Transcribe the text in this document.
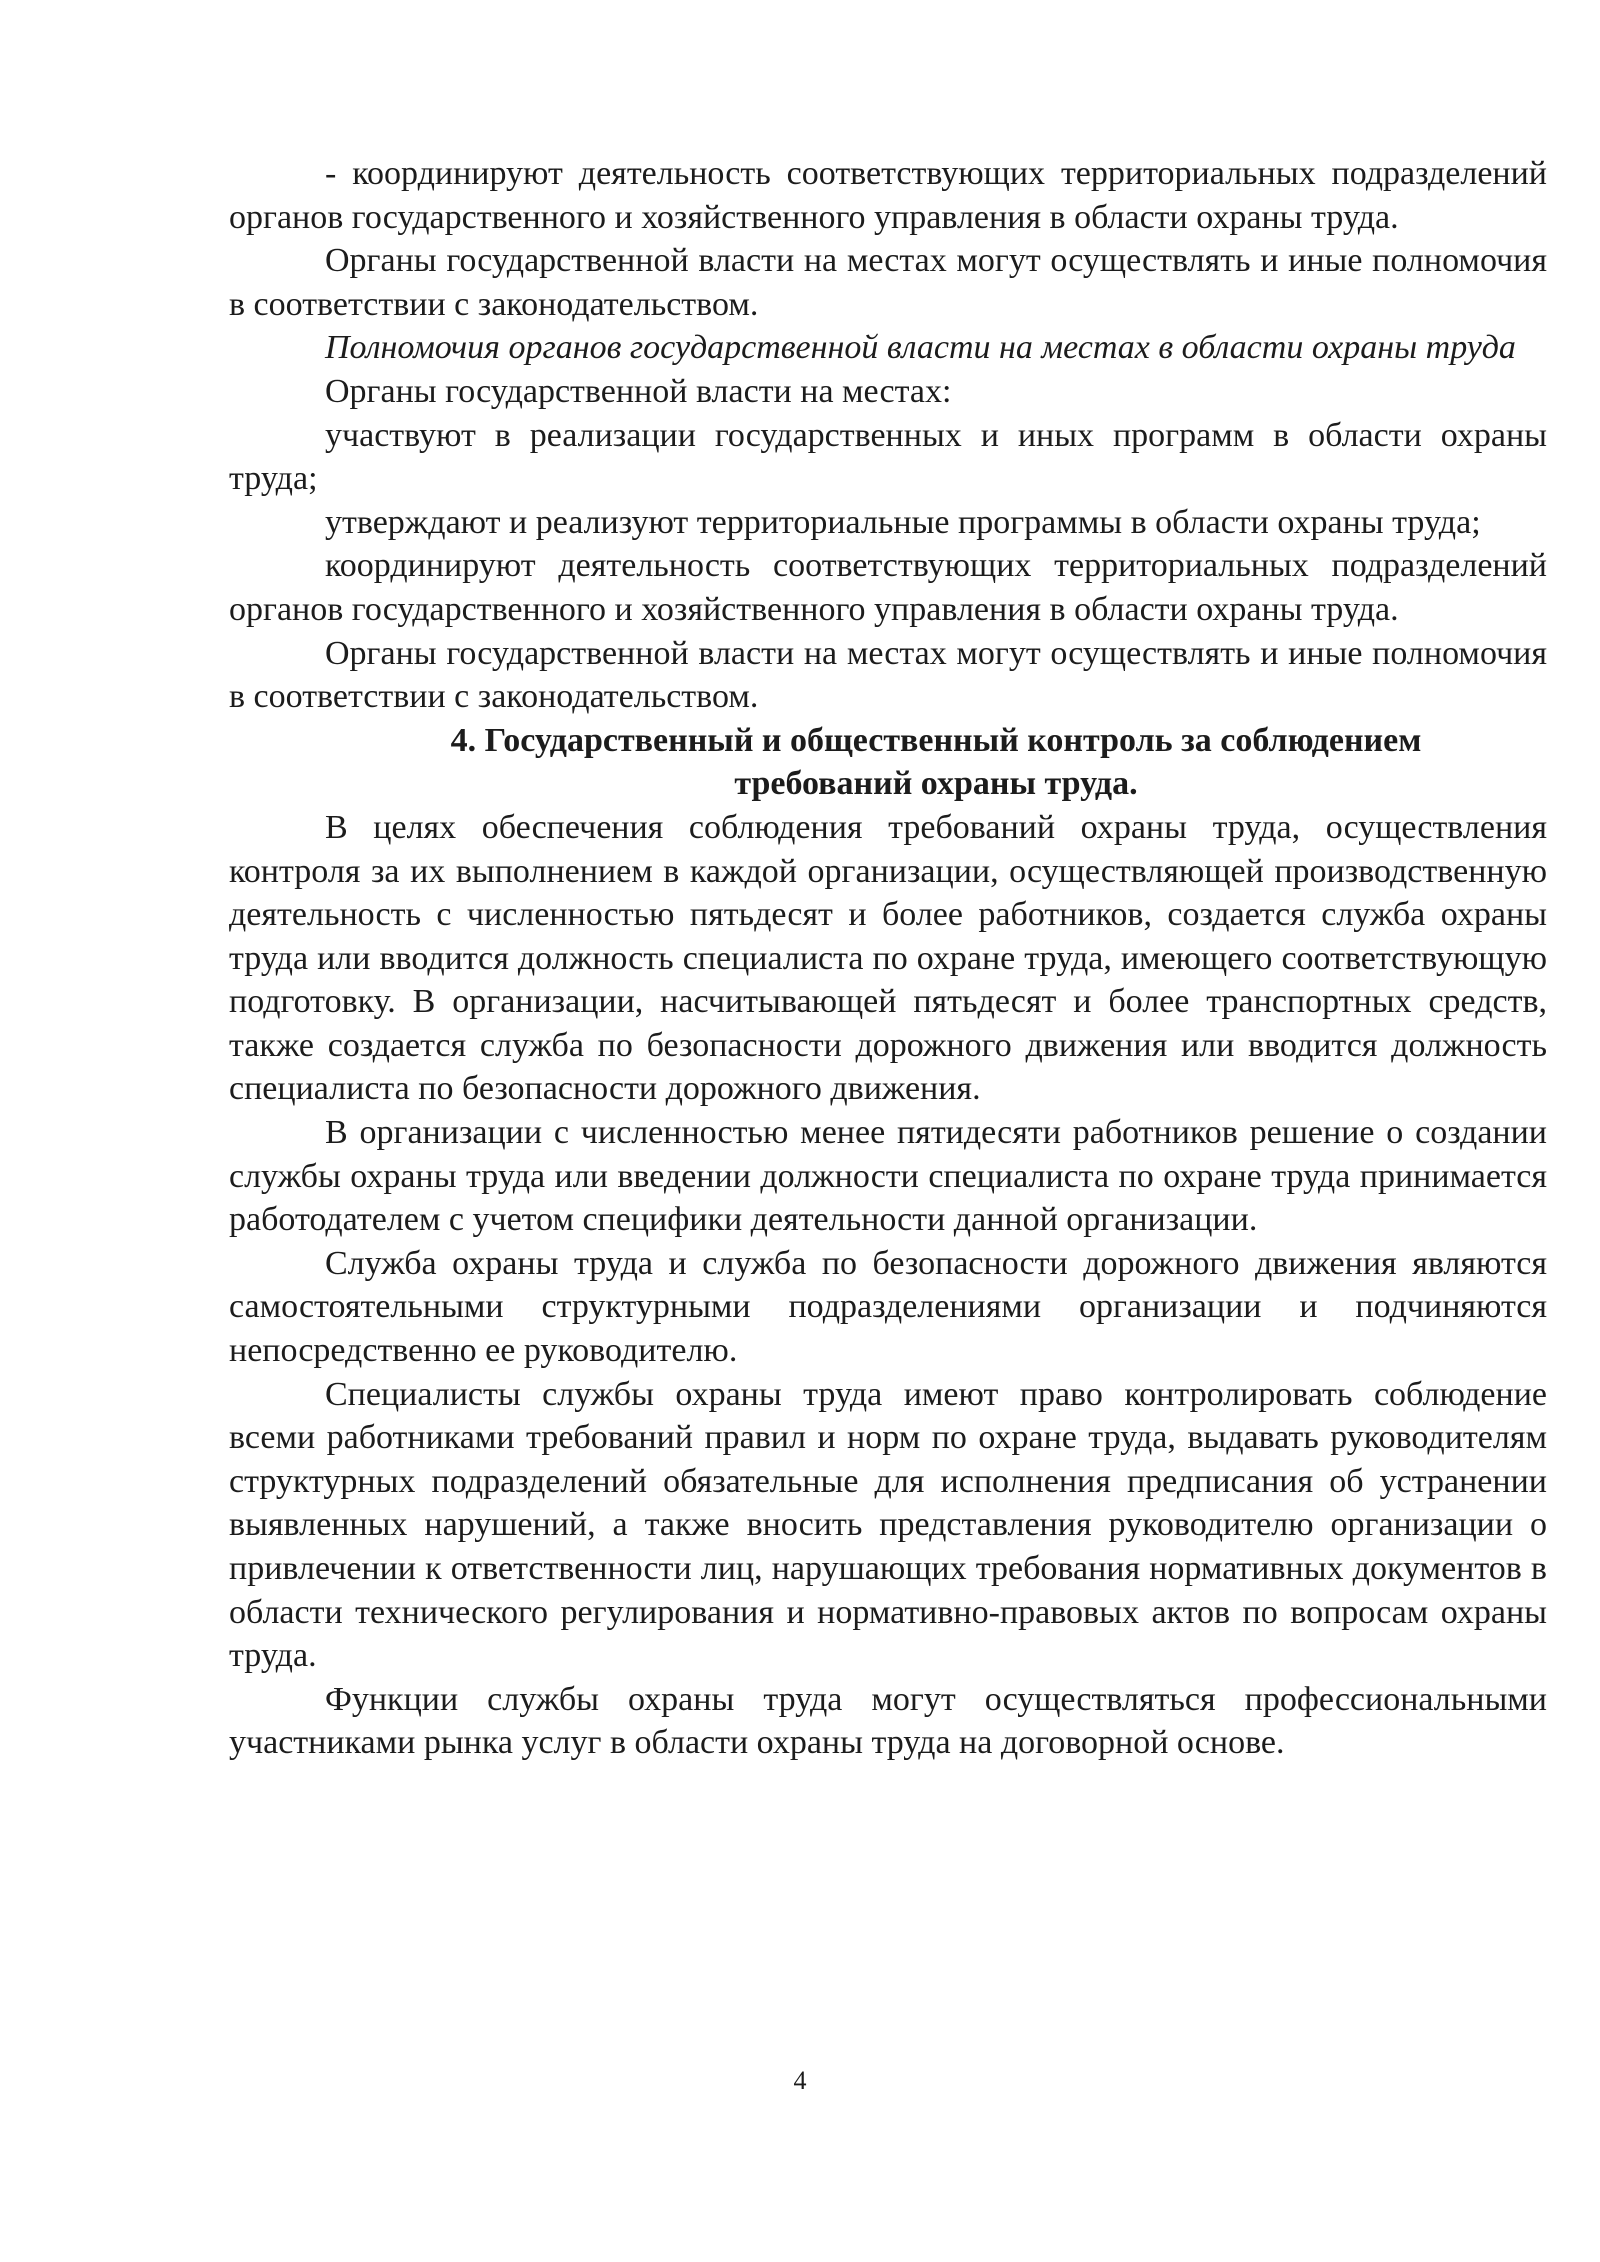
- координируют деятельность соответствующих территориальных подразделений органов государственного и хозяйственного управления в области охраны труда.

Органы государственной власти на местах могут осуществлять и иные полномочия в соответствии с законодательством.

Полномочия органов государственной власти на местах в области охраны труда

Органы государственной власти на местах:

участвуют в реализации государственных и иных программ в области охраны труда;

утверждают и реализуют территориальные программы в области охраны труда;

координируют деятельность соответствующих территориальных подразделений органов государственного и хозяйственного управления в области охраны труда.

Органы государственной власти на местах могут осуществлять и иные полномочия в соответствии с законодательством.

4. Государственный и общественный контроль за соблюдением
требований охраны труда.

В целях обеспечения соблюдения требований охраны труда, осуществления контроля за их выполнением в каждой организации, осуществляющей производственную деятельность с численностью пятьдесят и более работников, создается служба охраны труда или вводится должность специалиста по охране труда, имеющего соответствующую подготовку. В организации, насчитывающей пятьдесят и более транспортных средств, также создается служба по безопасности дорожного движения или вводится должность специалиста по безопасности дорожного движения.

В организации с численностью менее пятидесяти работников решение о создании службы охраны труда или введении должности специалиста по охране труда принимается работодателем с учетом специфики деятельности данной организации.

Служба охраны труда и служба по безопасности дорожного движения являются самостоятельными структурными подразделениями организации и подчиняются непосредственно ее руководителю.

Специалисты службы охраны труда имеют право контролировать соблюдение всеми работниками требований правил и норм по охране труда, выдавать руководителям структурных подразделений обязательные для исполнения предписания об устранении выявленных нарушений, а также вносить представления руководителю организации о привлечении к ответственности лиц, нарушающих требования нормативных документов в области технического регулирования и нормативно-правовых актов по вопросам охраны труда.

Функции службы охраны труда могут осуществляться профессиональными участниками рынка услуг в области охраны труда на договорной основе.

4
